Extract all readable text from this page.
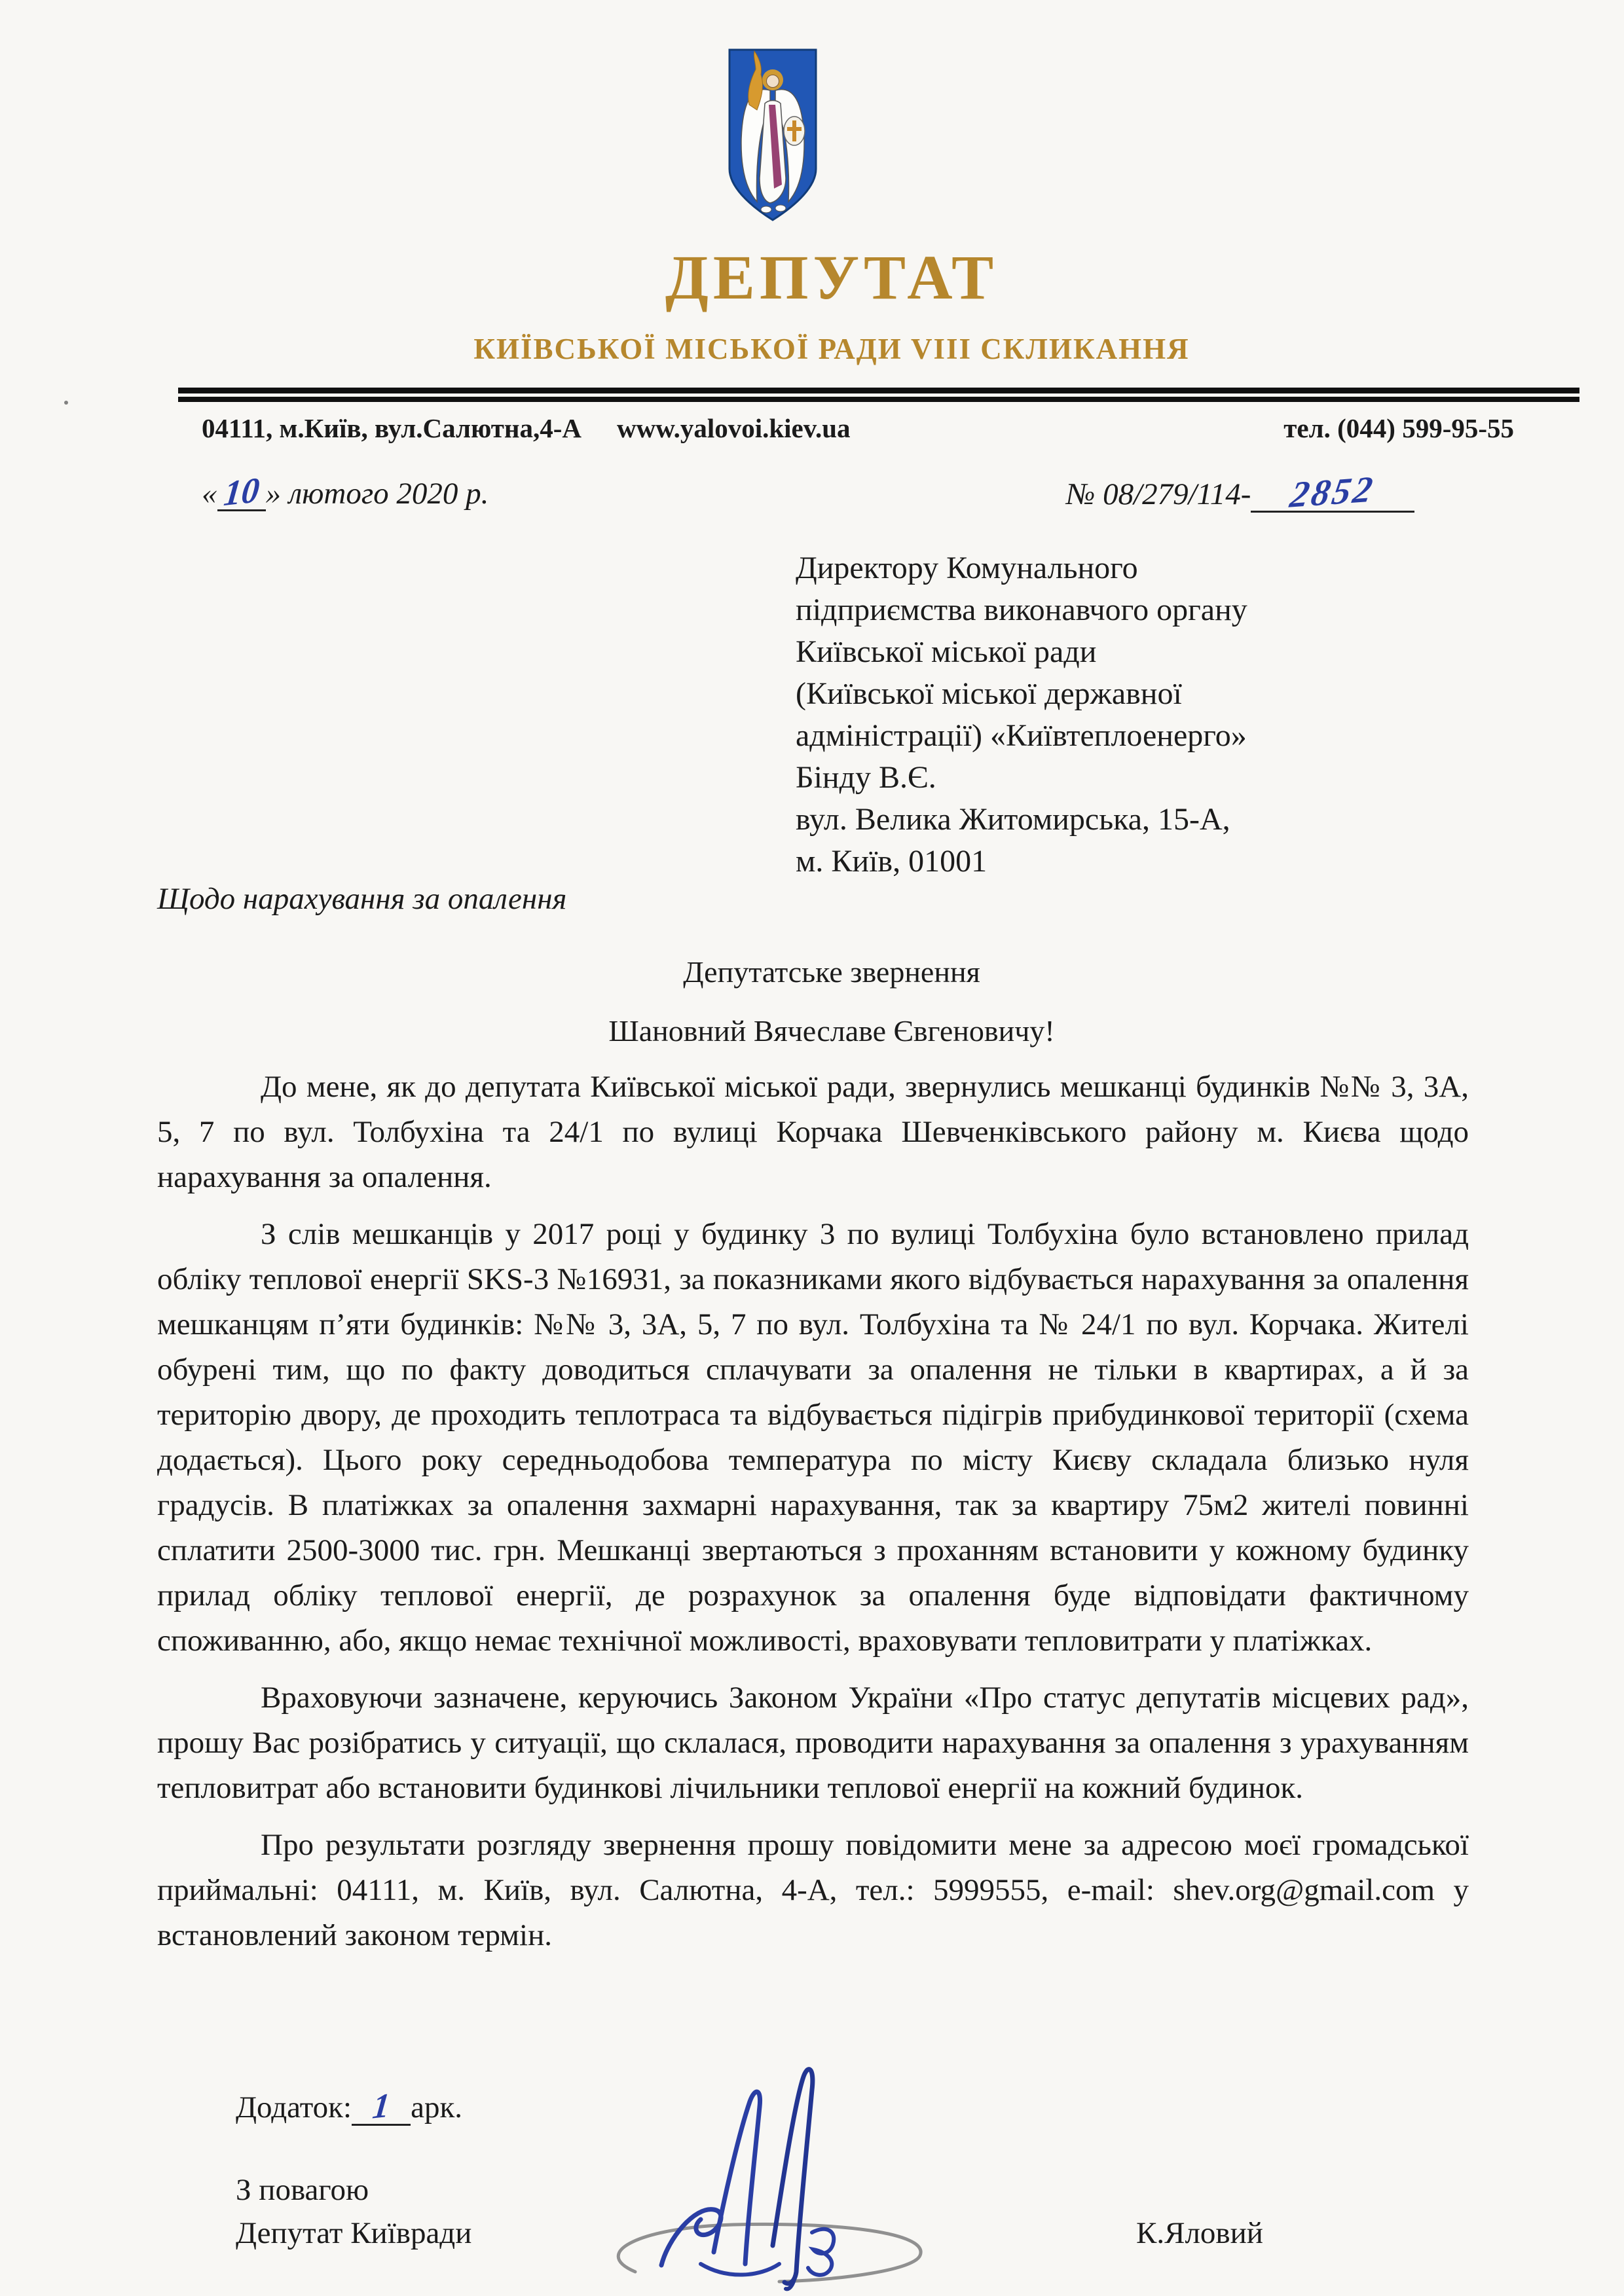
ДЕПУТАТ
КИЇВСЬКОЇ МІСЬКОЇ РАДИ VIII СКЛИКАННЯ
04111, м.Київ, вул.Салютна,4-А www.yalovoi.kiev.ua	тел. (044) 599-95-55
« 10 » лютого 2020 р.	№ 08/279/114- 2852
Директору Комунального
підприємства виконавчого органу
Київської міської ради
(Київської міської державної
адміністрації) «Київтеплоенерго»
Бінду В.Є.
вул. Велика Житомирська, 15-А,
м. Київ, 01001
Щодо нарахування за опалення
Депутатське звернення
Шановний Вячеславе Євгеновичу!

До мене, як до депутата Київської міської ради, звернулись мешканці будинків №№ 3, 3А, 5, 7 по вул. Толбухіна та 24/1 по вулиці Корчака Шевченківського району м. Києва щодо нарахування за опалення.

З слів мешканців у 2017 році у будинку 3 по вулиці Толбухіна було встановлено прилад обліку теплової енергії SKS-3 №16931, за показниками якого відбувається нарахування за опалення мешканцям п’яти будинків: №№ 3, 3А, 5, 7 по вул. Толбухіна та № 24/1 по вул. Корчака. Жителі обурені тим, що по факту доводиться сплачувати за опалення не тільки в квартирах, а й за територію двору, де проходить теплотраса та відбувається підігрів прибудинкової території (схема додається). Цього року середньодобова температура по місту Києву складала близько нуля градусів. В платіжках за опалення захмарні нарахування, так за квартиру 75м2 жителі повинні сплатити 2500-3000 тис. грн. Мешканці звертаються з проханням встановити у кожному будинку прилад обліку теплової енергії, де розрахунок за опалення буде відповідати фактичному споживанню, або, якщо немає технічної можливості, враховувати тепловитрати у платіжках.

Враховуючи зазначене, керуючись Законом України «Про статус депутатів місцевих рад», прошу Вас розібратись у ситуації, що склалася, проводити нарахування за опалення з урахуванням тепловитрат або встановити будинкові лічильники теплової енергії на кожний будинок.

Про результати розгляду звернення прошу повідомити мене за адресою моєї громадської приймальні: 04111, м. Київ, вул. Салютна, 4-А, тел.: 5999555, e-mail: shev.org@gmail.com у встановлений законом термін.

Додаток: 1 арк.
З повагою
Депутат Київради	К.Яловий
